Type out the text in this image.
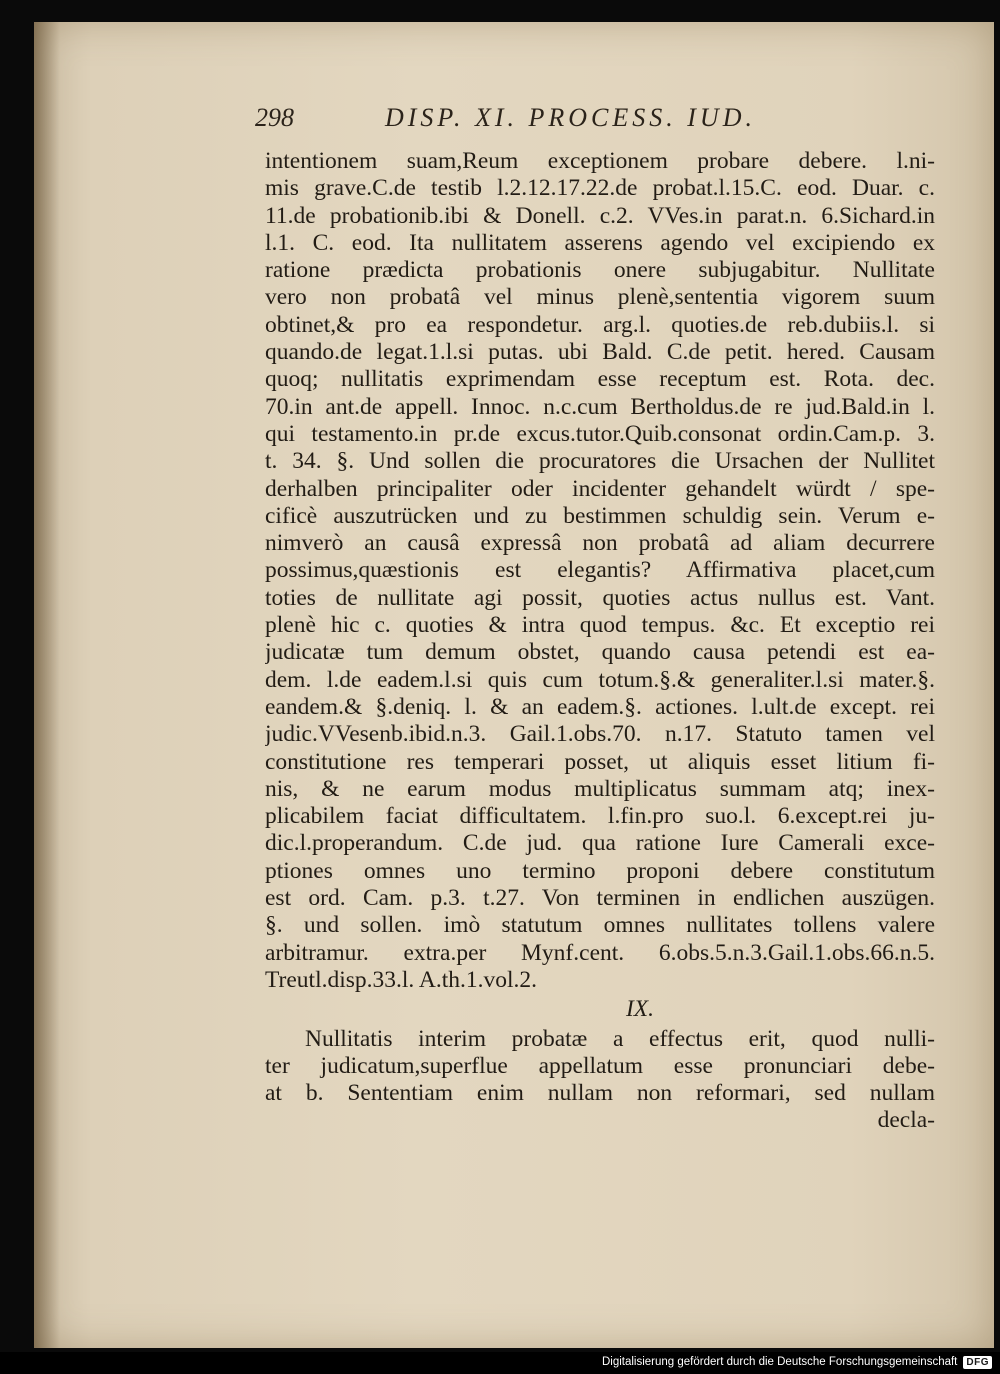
298	DISP. XI. PROCESS. IUD.
intentionem suam,Reum exceptionem probare debere. l.ni-
mis grave.C.de testib l.2.12.17.22.de probat.l.15.C. eod. Duar. c.
11.de probationib.ibi & Donell. c.2. VVes.in parat.n. 6.Sichard.in
l.1. C. eod. Ita nullitatem asserens agendo vel excipiendo ex
ratione prædicta probationis onere subjugabitur. Nullitate
vero non probatâ vel minus plenè,sententia vigorem suum
obtinet,& pro ea respondetur. arg.l. quoties.de reb.dubiis.l. si
quando.de legat.1.l.si putas. ubi Bald. C.de petit. hered. Causam
quoq; nullitatis exprimendam esse receptum est. Rota. dec.
70.in ant.de appell. Innoc. n.c.cum Bertholdus.de re jud.Bald.in l.
qui testamento.in pr.de excus.tutor.Quib.consonat ordin.Cam.p. 3.
t. 34. §. Und sollen die procuratores die Ursachen der Nullitet
derhalben principaliter oder incidenter gehandelt würdt / spe-
cificè auszutrücken und zu bestimmen schuldig sein. Verum e-
nimverò an causâ expressâ non probatâ ad aliam decurrere
possimus,quæstionis est elegantis? Affirmativa placet,cum
toties de nullitate agi possit, quoties actus nullus est. Vant.
plenè hic c. quoties & intra quod tempus. &c. Et exceptio rei
judicatæ tum demum obstet, quando causa petendi est ea-
dem. l.de eadem.l.si quis cum totum.§.& generaliter.l.si mater.§.
eandem.& §.deniq. l. & an eadem.§. actiones. l.ult.de except. rei
judic.VVesenb.ibid.n.3. Gail.1.obs.70. n.17. Statuto tamen vel
constitutione res temperari posset, ut aliquis esset litium fi-
nis, & ne earum modus multiplicatus summam atq; inex-
plicabilem faciat difficultatem. l.fin.pro suo.l. 6.except.rei ju-
dic.l.properandum. C.de jud. qua ratione Iure Camerali exce-
ptiones omnes uno termino proponi debere constitutum
est ord. Cam. p.3. t.27. Von terminen in endlichen auszügen.
§. und sollen. imò statutum omnes nullitates tollens valere
arbitramur. extra.per Mynf.cent. 6.obs.5.n.3.Gail.1.obs.66.n.5.
Treutl.disp.33.l. A.th.1.vol.2.
IX.
Nullitatis interim probatæ a effectus erit, quod nulli-
ter judicatum,superflue appellatum esse pronunciari debe-
at b. Sententiam enim nullam non reformari, sed nullam
decla-
Digitalisierung gefördert durch die Deutsche Forschungsgemeinschaft DFG
